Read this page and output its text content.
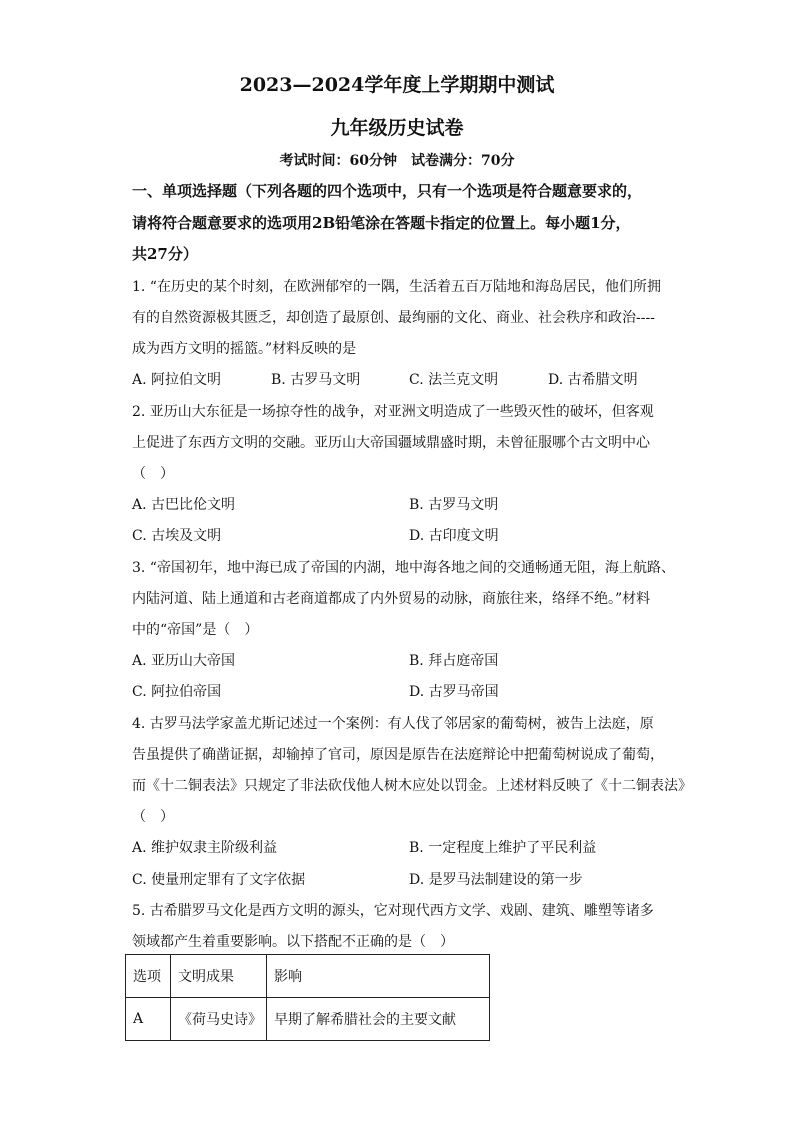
2023—2024学年度上学期期中测试
九年级历史试卷
考试时间：60分钟　试卷满分：70分
一、单项选择题（下列各题的四个选项中，只有一个选项是符合题意要求的，
请将符合题意要求的选项用2B铅笔涂在答题卡指定的位置上。每小题1分，
共27分）
1. “在历史的某个时刻，在欧洲郁窄的一隅，生活着五百万陆地和海岛居民，他们所拥
有的自然资源极其匮乏，却创造了最原创、最绚丽的文化、商业、社会秩序和政治----
成为西方文明的摇篮。”材料反映的是
A. 阿拉伯文明	B. 古罗马文明	C. 法兰克文明	D. 古希腊文明
2. 亚历山大东征是一场掠夺性的战争，对亚洲文明造成了一些毁灭性的破坏，但客观
上促进了东西方文明的交融。亚历山大帝国疆域鼎盛时期，未曾征服哪个古文明中心
（　）
A. 古巴比伦文明	B. 古罗马文明
C. 古埃及文明	D. 古印度文明
3. “帝国初年，地中海已成了帝国的内湖，地中海各地之间的交通畅通无阻，海上航路、
内陆河道、陆上通道和古老商道都成了内外贸易的动脉，商旅往来，络绎不绝。”材料
中的“帝国”是（　）
A. 亚历山大帝国	B. 拜占庭帝国
C. 阿拉伯帝国	D. 古罗马帝国
4. 古罗马法学家盖尤斯记述过一个案例：有人伐了邻居家的葡萄树，被告上法庭，原
告虽提供了确凿证据，却输掉了官司，原因是原告在法庭辩论中把葡萄树说成了葡萄，
而《十二铜表法》只规定了非法砍伐他人树木应处以罚金。上述材料反映了《十二铜表法》
（　）
A. 维护奴隶主阶级利益	B. 一定程度上维护了平民利益
C. 使量刑定罪有了文字依据	D. 是罗马法制建设的第一步
5. 古希腊罗马文化是西方文明的源头，它对现代西方文学、戏剧、建筑、雕塑等诸多
领域都产生着重要影响。以下搭配不正确的是（　）
选项	文明成果	影响
A	《荷马史诗》	早期了解希腊社会的主要文献
